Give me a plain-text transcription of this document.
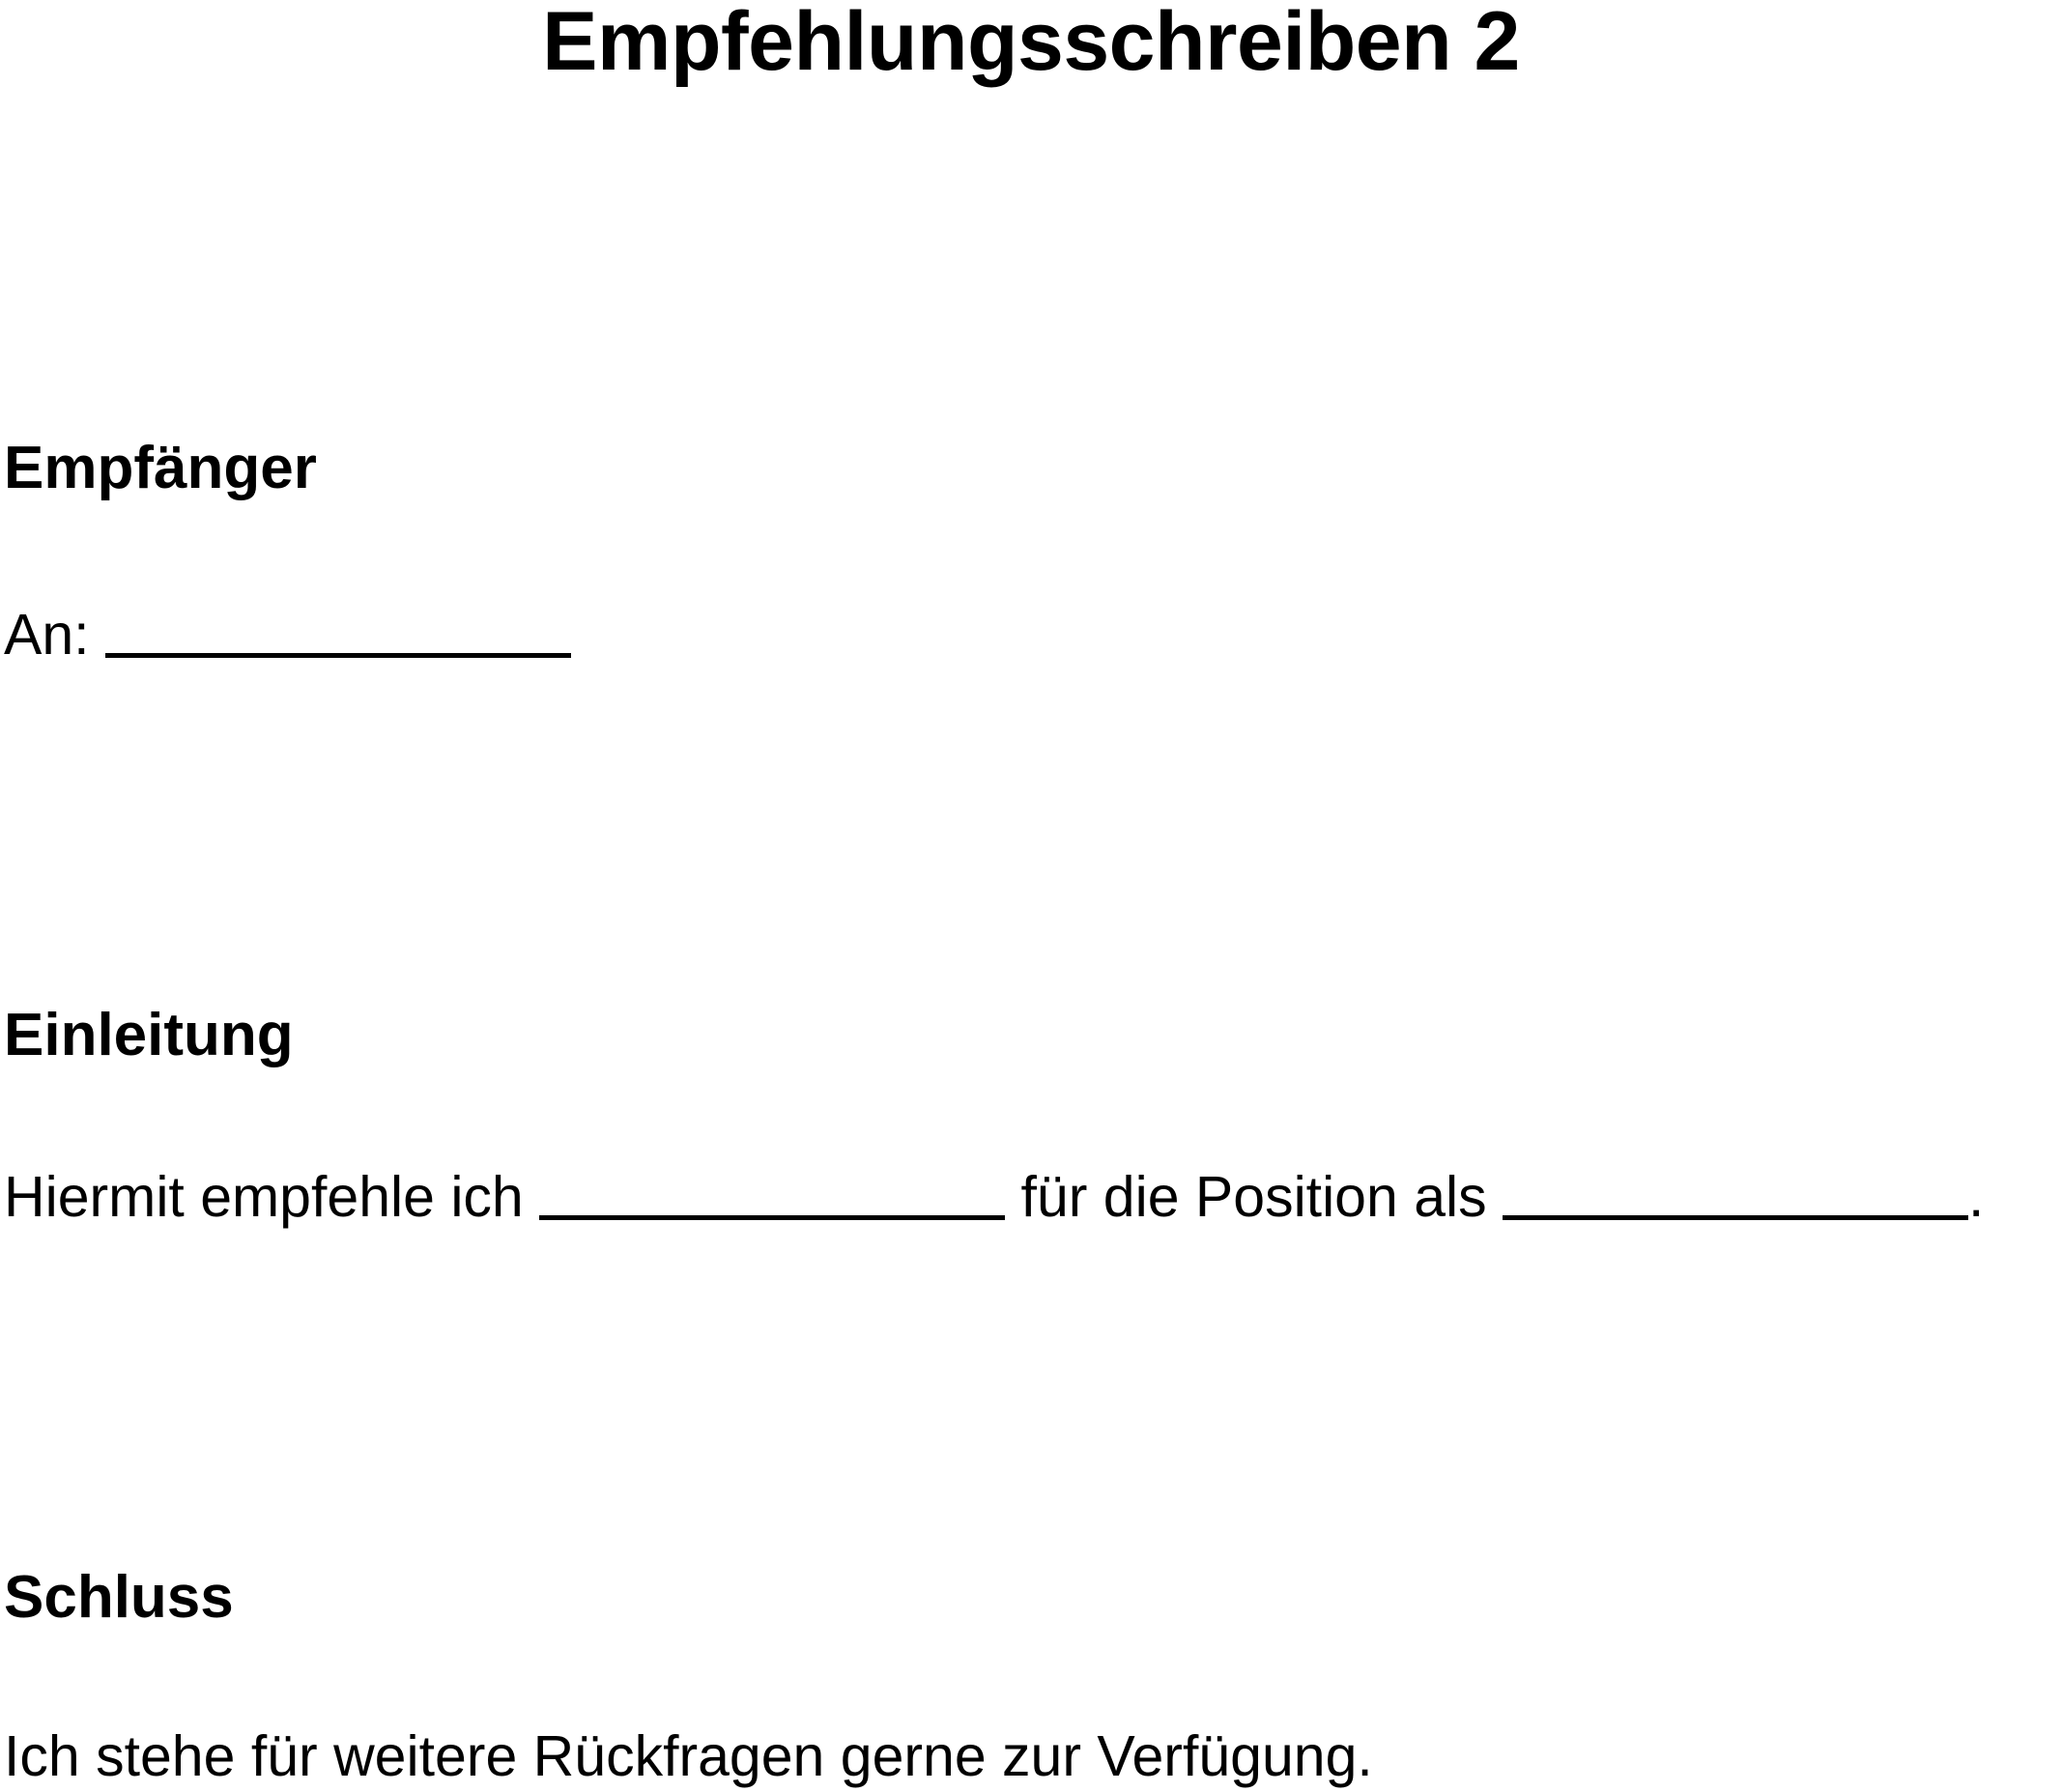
Empfehlungsschreiben 2
Empfänger

An:

Einleitung

Hiermit empfehle ich	für die Position als	.

Schluss

Ich stehe für weitere Rückfragen gerne zur Verfügung.
